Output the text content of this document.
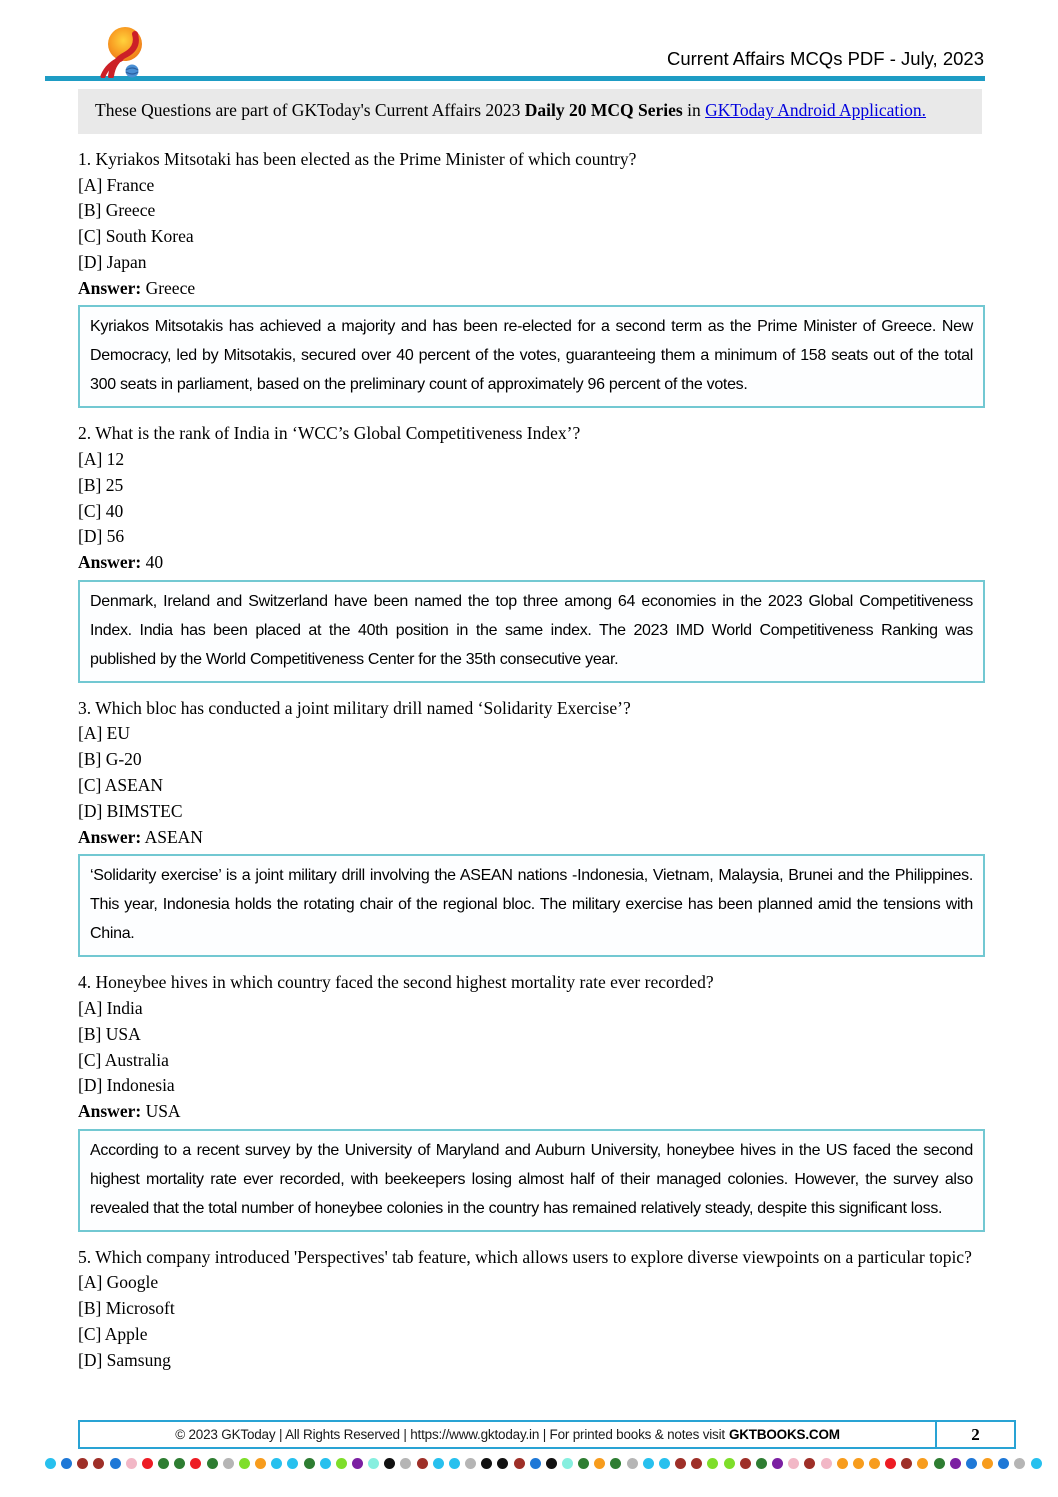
Current Affairs MCQs PDF - July, 2023
These Questions are part of GKToday's Current Affairs 2023 Daily 20 MCQ Series in GKToday Android Application.

1. Kyriakos Mitsotaki has been elected as the Prime Minister of which country?

[A] France
[B] Greece
[C] South Korea
[D] Japan

Answer: Greece

Kyriakos Mitsotakis has achieved a majority and has been re-elected for a second term as the Prime Minister of Greece. New Democracy, led by Mitsotakis, secured over 40 percent of the votes, guaranteeing them a minimum of 158 seats out of the total 300 seats in parliament, based on the preliminary count of approximately 96 percent of the votes.

2. What is the rank of India in ‘WCC’s Global Competitiveness Index’?

[A] 12
[B] 25
[C] 40
[D] 56

Answer: 40

Denmark, Ireland and Switzerland have been named the top three among 64 economies in the 2023 Global Competitiveness Index. India has been placed at the 40th position in the same index. The 2023 IMD World Competitiveness Ranking was published by the World Competitiveness Center for the 35th consecutive year.

3. Which bloc has conducted a joint military drill named ‘Solidarity Exercise’?

[A] EU
[B] G-20
[C] ASEAN
[D] BIMSTEC

Answer: ASEAN

‘Solidarity exercise’ is a joint military drill involving the ASEAN nations -Indonesia, Vietnam, Malaysia, Brunei and the Philippines. This year, Indonesia holds the rotating chair of the regional bloc. The military exercise has been planned amid the tensions with China.

4. Honeybee hives in which country faced the second highest mortality rate ever recorded?

[A] India
[B] USA
[C] Australia
[D] Indonesia

Answer: USA

According to a recent survey by the University of Maryland and Auburn University, honeybee hives in the US faced the second highest mortality rate ever recorded, with beekeepers losing almost half of their managed colonies. However, the survey also revealed that the total number of honeybee colonies in the country has remained relatively steady, despite this significant loss.

5. Which company introduced 'Perspectives' tab feature, which allows users to explore diverse viewpoints on a particular topic?

[A] Google
[B] Microsoft
[C] Apple
[D] Samsung
© 2023 GKToday | All Rights Reserved | https://www.gktoday.in | For printed books & notes visit GKTBOOKS.COM	2
